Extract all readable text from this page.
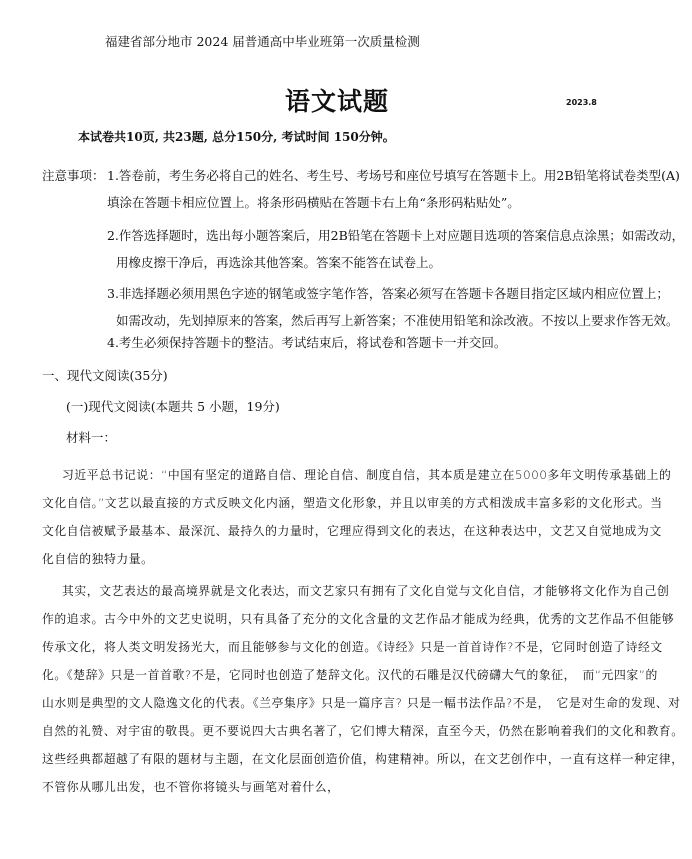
福建省部分地市 2024 届普通高中毕业班第一次质量检测
语文试题	2023.8
本试卷共10页, 共23题, 总分150分, 考试时间 150分钟。
注意事项： 1.答卷前，考生务必将自己的姓名、考生号、考场号和座位号填写在答题卡上。用2B铅笔将试卷类型(A)
填涂在答题卡相应位置上。将条形码横贴在答题卡右上角“条形码粘贴处”。
2.作答选择题时，选出每小题答案后，用2B铅笔在答题卡上对应题目选项的答案信息点涂黑；如需改动，
用橡皮擦干净后，再选涂其他答案。答案不能答在试卷上。
3.非选择题必须用黑色字迹的钢笔或签字笔作答，答案必须写在答题卡各题目指定区域内相应位置上；
如需改动，先划掉原来的答案，然后再写上新答案；不准使用铅笔和涂改液。不按以上要求作答无效。
4.考生必须保持答题卡的整洁。考试结束后，将试卷和答题卡一并交回。
一、现代文阅读(35分)
(一)现代文阅读(本题共 5 小题，19分)
材料一：
习近平总书记说：“中国有坚定的道路自信、理论自信、制度自信，其本质是建立在5000多年文明传承基础上的
文化自信。”文艺以最直接的方式反映文化内涵，塑造文化形象，并且以审美的方式相泼成丰富多彩的文化形式。当
文化自信被赋予最基本、最深沉、最持久的力量时，它理应得到文化的表达，在这种表达中，文艺又自觉地成为文
化自信的独特力量。
其实，文艺表达的最高境界就是文化表达，而文艺家只有拥有了文化自觉与文化自信，才能够将文化作为自己创
作的追求。古今中外的文艺史说明，只有具备了充分的文化含量的文艺作品才能成为经典，优秀的文艺作品不但能够
传承文化，将人类文明发扬光大，而且能够参与文化的创造。《诗经》只是一首首诗作?不是，它同时创造了诗经文
化。《楚辞》只是一首首歌?不是，它同时也创造了楚辞文化。汉代的石雕是汉代磅礴大气的象征，　而“元四家”的
山水则是典型的文人隐逸文化的代表。《兰亭集序》只是一篇序言? 只是一幅书法作品?不是，　它是对生命的发现、对
自然的礼赞、对宇宙的敬畏。更不要说四大古典名著了，它们博大精深，直至今天，仍然在影响着我们的文化和教育。
这些经典都超越了有限的题材与主题，在文化层面创造价值，构建精神。所以，在文艺创作中，一直有这样一种定律，
不管你从哪儿出发，也不管你将镜头与画笔对着什么，
